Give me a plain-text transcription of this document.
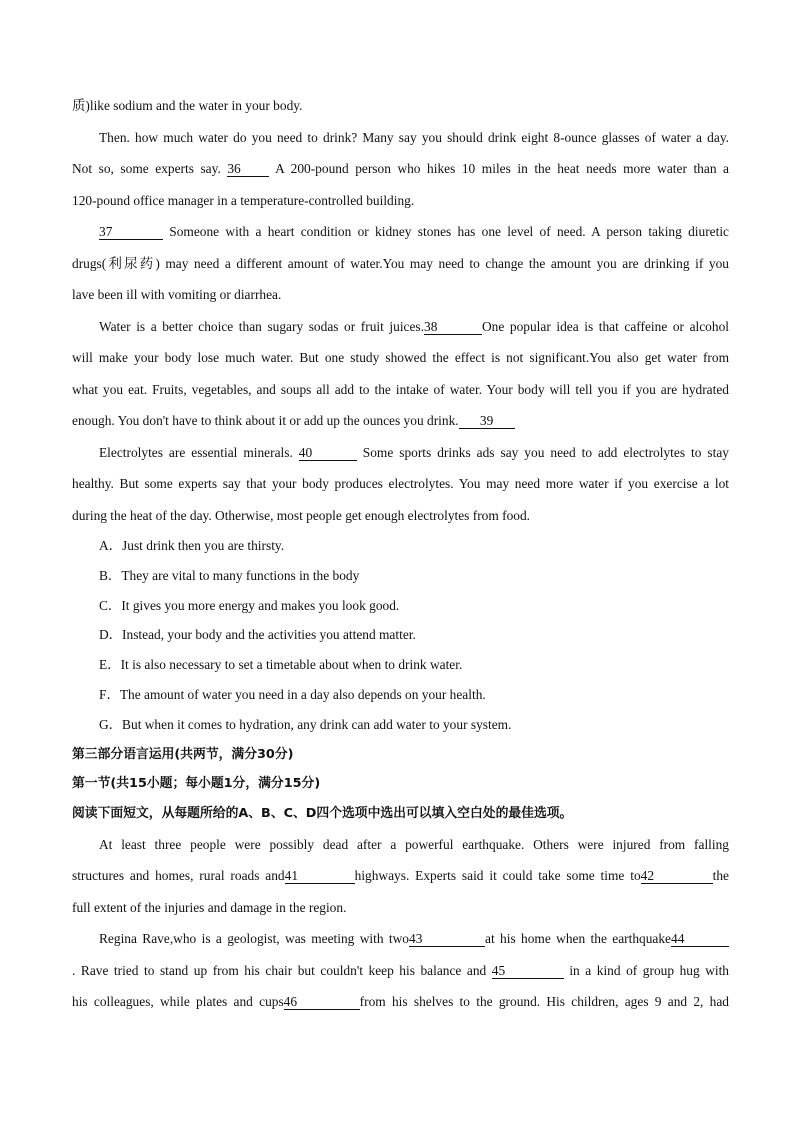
质)like sodium and the water in your body.
Then. how much water do you need to drink? Many say you should drink eight 8-ounce glasses of water a day.
Not so, some experts say. 36 A 200-pound person who hikes 10 miles in the heat needs more water than a
120-pound office manager in a temperature-controlled building.
37	Someone with a heart condition or kidney stones has one level of need. A person taking diuretic
drugs(利尿药) may need a different amount of water.You may need to change the amount you are drinking if you
lave been ill with vomiting or diarrhea.
Water is a better choice than sugary sodas or fruit juices.38	One popular idea is that caffeine or alcohol
will make your body lose much water. But one study showed the effect is not significant.You also get water from
what you eat. Fruits, vegetables, and soups all add to the intake of water. Your body will tell you if you are hydrated
enough. You don't have to think about it or add up the ounces you drink. 39
Electrolytes are essential minerals. 40	Some sports drinks ads say you need to add electrolytes to stay
healthy. But some experts say that your body produces electrolytes. You may need more water if you exercise a lot
during the heat of the day. Otherwise, most people get enough electrolytes from food.
A．Just drink then you are thirsty.
B．They are vital to many functions in the body
C．It gives you more energy and makes you look good.
D．Instead, your body and the activities you attend matter.
E．It is also necessary to set a timetable about when to drink water.
F．The amount of water you need in a day also depends on your health.
G．But when it comes to hydration, any drink can add water to your system.
第三部分语言运用(共两节，满分30分)
第一节(共15小题；每小题1分，满分15分)
阅读下面短文，从每题所给的A、B、C、D四个选项中选出可以填入空白处的最佳选项。
At least three people were possibly dead after a powerful earthquake. Others were injured from falling
structures and homes, rural roads and41	highways. Experts said it could take some time to42	the
full extent of the injuries and damage in the region.
Regina Rave,who is a geologist, was meeting with two43	at his home when the earthquake44
. Rave tried to stand up from his chair but couldn't keep his balance and 45	in a kind of group hug with
his colleagues, while plates and cups46	from his shelves to the ground. His children, ages 9 and 2, had
